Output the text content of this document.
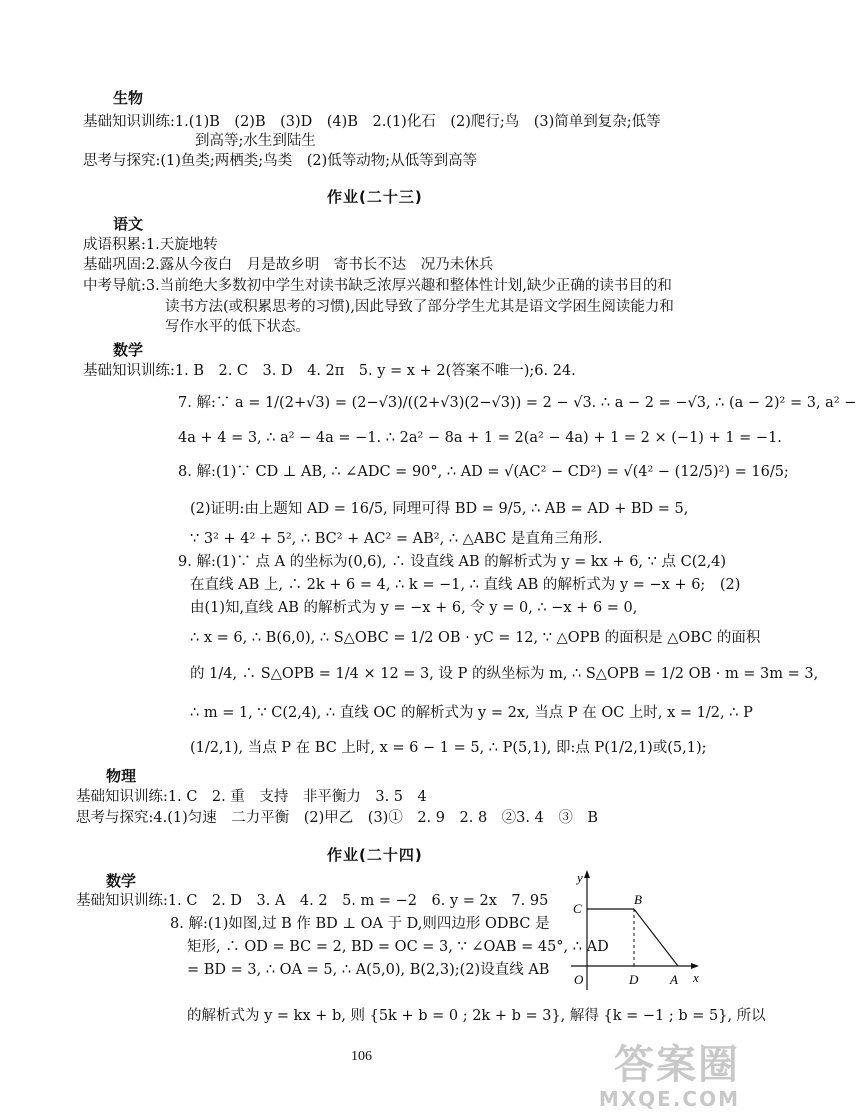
生物
基础知识训练:1.(1)B　(2)B　(3)D　(4)B　2.(1)化石　(2)爬行;鸟　(3)简单到复杂;低等
到高等;水生到陆生
思考与探究:(1)鱼类;两栖类;鸟类　(2)低等动物;从低等到高等
作业(二十三)
语文
成语积累:1.天旋地转
基础巩固:2.露从今夜白　月是故乡明　寄书长不达　况乃未休兵
中考导航:3.当前绝大多数初中学生对读书缺乏浓厚兴趣和整体性计划,缺少正确的读书目的和
读书方法(或积累思考的习惯),因此导致了部分学生尤其是语文学困生阅读能力和
写作水平的低下状态。
数学
基础知识训练:1. B　2. C　3. D　4. 2π　5. y = x + 2(答案不唯一);6. 24.
7. 解:∵ a = 1/(2+√3) = (2−√3)/((2+√3)(2−√3)) = 2 − √3. ∴ a − 2 = −√3, ∴ (a − 2)² = 3, a² −
4a + 4 = 3, ∴ a² − 4a = −1. ∴ 2a² − 8a + 1 = 2(a² − 4a) + 1 = 2 × (−1) + 1 = −1.
8. 解:(1)∵ CD ⊥ AB, ∴ ∠ADC = 90°, ∴ AD = √(AC² − CD²) = √(4² − (12/5)²) = 16/5;
(2)证明:由上题知 AD = 16/5, 同理可得 BD = 9/5, ∴ AB = AD + BD = 5,
∵ 3² + 4² + 5², ∴ BC² + AC² = AB², ∴ △ABC 是直角三角形.
9. 解:(1)∵ 点 A 的坐标为(0,6), ∴ 设直线 AB 的解析式为 y = kx + 6, ∵ 点 C(2,4)
在直线 AB 上, ∴ 2k + 6 = 4, ∴ k = −1, ∴ 直线 AB 的解析式为 y = −x + 6;　(2)
由(1)知,直线 AB 的解析式为 y = −x + 6, 令 y = 0, ∴ −x + 6 = 0,
∴ x = 6, ∴ B(6,0), ∴ S△OBC = 1/2 OB · yC = 12, ∵ △OPB 的面积是 △OBC 的面积
的 1/4, ∴ S△OPB = 1/4 × 12 = 3, 设 P 的纵坐标为 m, ∴ S△OPB = 1/2 OB · m = 3m = 3,
∴ m = 1, ∵ C(2,4), ∴ 直线 OC 的解析式为 y = 2x, 当点 P 在 OC 上时, x = 1/2, ∴ P
(1/2,1), 当点 P 在 BC 上时, x = 6 − 1 = 5, ∴ P(5,1), 即:点 P(1/2,1)或(5,1);
物理
基础知识训练:1. C　2. 重　支持　非平衡力　3. 5　4
思考与探究:4.(1)匀速　二力平衡　(2)甲乙　(3)①　2. 9　2. 8　②3. 4　③　B
作业(二十四)
数学
基础知识训练:1. C　2. D　3. A　4. 2　5. m = −2　6. y = 2x　7. 95
8. 解:(1)如图,过 B 作 BD ⊥ OA 于 D,则四边形 ODBC 是
矩形, ∴ OD = BC = 2, BD = OC = 3, ∵ ∠OAB = 45°, ∴ AD
= BD = 3, ∴ OA = 5, ∴ A(5,0), B(2,3);(2)设直线 AB
的解析式为 y = kx + b, 则 {5k + b = 0 ; 2k + b = 3}, 解得 {k = −1 ; b = 5}, 所以
y
x
C
B
O	D A
106	答案圈
MXQE.COM
